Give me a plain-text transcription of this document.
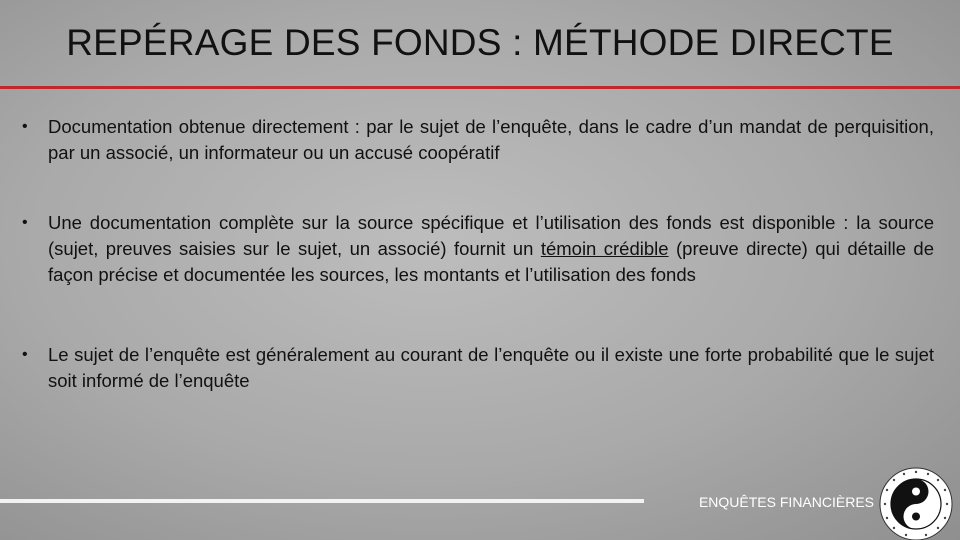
REPÉRAGE DES FONDS : MÉTHODE DIRECTE
• Documentation obtenue directement : par le sujet de l’enquête, dans le cadre d’un mandat de perquisition, par un associé, un informateur ou un accusé coopératif
• Une documentation complète sur la source spécifique et l’utilisation des fonds est disponible : la source (sujet, preuves saisies sur le sujet, un associé) fournit un témoin crédible (preuve directe) qui détaille de façon précise et documentée les sources, les montants et l’utilisation des fonds
• Le sujet de l’enquête est généralement au courant de l’enquête ou il existe une forte probabilité que le sujet soit informé de l’enquête
ENQUÊTES FINANCIÈRES
